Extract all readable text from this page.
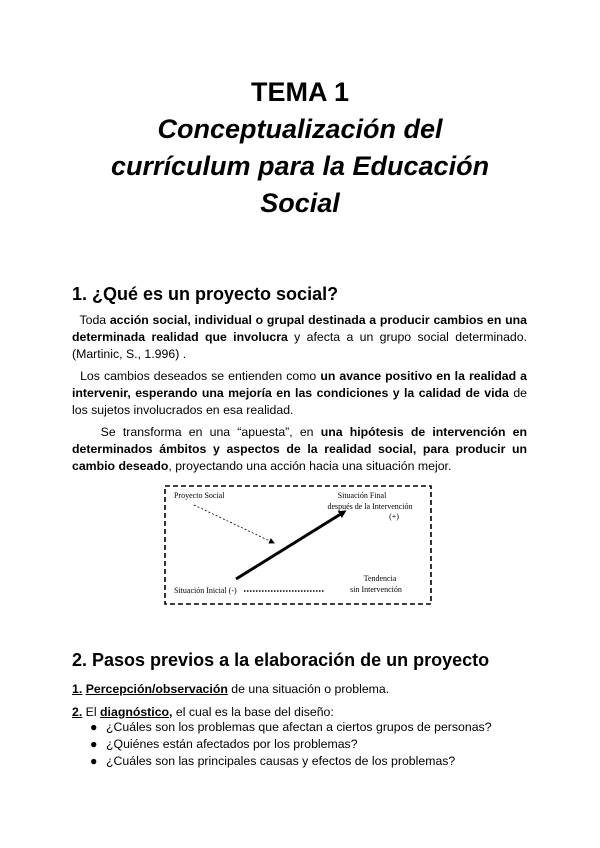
TEMA 1

Conceptualización del
currículum para la Educación
Social

1. ¿Qué es un proyecto social?

Toda acción social, individual o grupal destinada a producir cambios en una determinada realidad que involucra y afecta a un grupo social determinado. (Martinic, S., 1.996) .

Los cambios deseados se entienden como un avance positivo en la realidad a intervenir, esperando una mejoría en las condiciones y la calidad de vida de los sujetos involucrados en esa realidad.

Se transforma en una “apuesta”, en una hipótesis de intervención en determinados ámbitos y aspectos de la realidad social, para producir un cambio deseado, proyectando una acción hacia una situación mejor.

Proyecto Social	Situación Final
después de la Intervención
(+)
Situación Inicial (-)
Tendencia
sin Intervención
2. Pasos previos a la elaboración de un proyecto

1. Percepción/observación de una situación o problema.

2. El diagnóstico, el cual es la base del diseño:

● ¿Cuáles son los problemas que afectan a ciertos grupos de personas?
● ¿Quiénes están afectados por los problemas?
● ¿Cuáles son las principales causas y efectos de los problemas?
